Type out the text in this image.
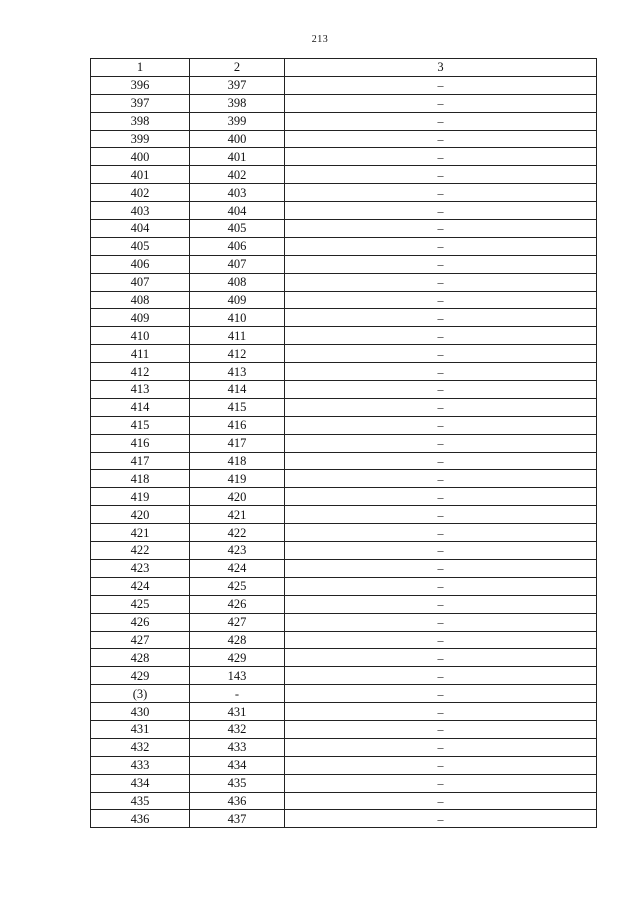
213
1	2	3
396	397	–
397	398	–
398	399	–
399	400	–
400	401	–
401	402	–
402	403	–
403	404	–
404	405	–
405	406	–
406	407	–
407	408	–
408	409	–
409	410	–
410	411	–
411	412	–
412	413	–
413	414	–
414	415	–
415	416	–
416	417	–
417	418	–
418	419	–
419	420	–
420	421	–
421	422	–
422	423	–
423	424	–
424	425	–
425	426	–
426	427	–
427	428	–
428	429	–
429	143	–
(3)	-	–
430	431	–
431	432	–
432	433	–
433	434	–
434	435	–
435	436	–
436	437	–
